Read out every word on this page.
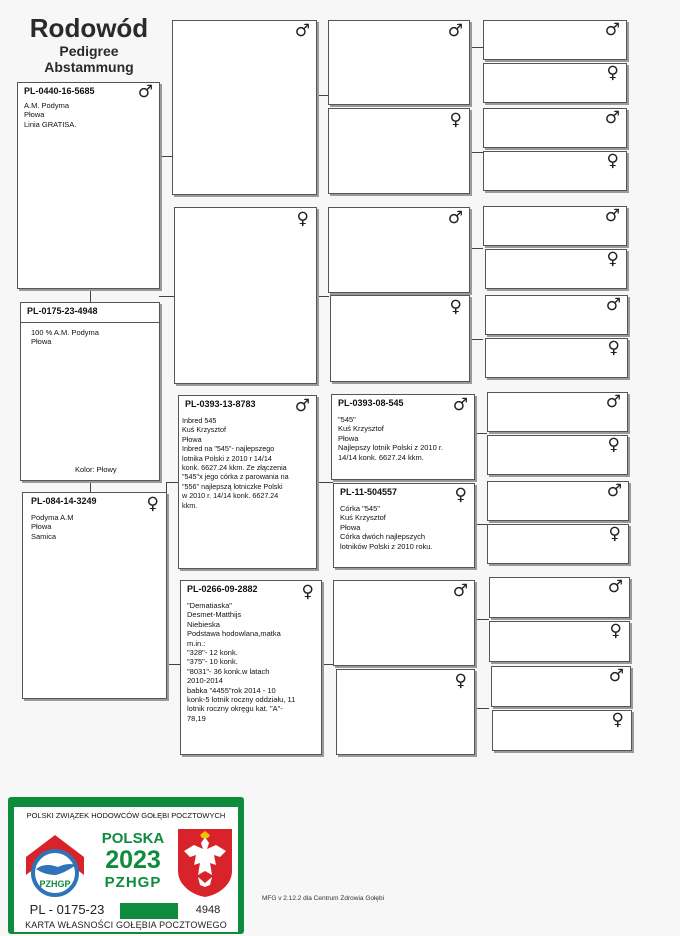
Rodowód
Pedigree
Abstammung
PL-0440-16-5685	♂
A.M. Podyma
Płowa
Linia GRATISA.
PL-0175-23-4948
100 % A.M. Podyma
Płowa
Kolor: Płowy
PL-084-14-3249	♀
Podyma A.M
Płowa
Samica
♂
♀
PL-0393-13-8783 ♂
Inbred 545
Kuś Krzysztof
Płowa
Inbred na "545"- najlepszego
lotnika Polski z 2010 r 14/14
konk. 6627.24 kkm. Ze złączenia
"545"x jego córka z parowania na
"556" najlepszą lotniczke Polski
w 2010 r. 14/14 konk. 6627.24
kkm.
PL-0266-09-2882	♀
"Dematiaska"
Desmet-Matthijs
Niebieska
Podstawa hodowlana,matka
m.in.:
"328"- 12 konk.
"375"- 10 konk.
"8031"- 36 konk.w latach
2010-2014
babka "4455"rok 2014 - 10
konk-5 lotnik roczny oddziału, 11
lotnik roczny okręgu kat. "A"-
78,19
♂
♀
♂
♀
PL-0393-08-545	♂
"545"
Kuś Krzysztof
Płowa
Najlepszy lotnik Polski z 2010 r.
14/14 konk. 6627.24 kkm.
PL-11-504557	♀
Córka "545"
Kuś Krzysztof
Płowa
Córka dwóch najlepszych
lotników Polski z 2010 roku.
♂
♀
♂
♀
♂
♀
♂
♀
♂
♀
♂
♀
♂
♀
♂
♀
♂
♀
MFG v 2.12.2 dla Centrum Zdrowia Gołębi
POLSKI ZWIĄZEK HODOWCÓW GOŁĘBI POCZTOWYCH
PZHGP
POLSKA
2023
PZHGP
PL - 0175-23	4948
KARTA WŁASNOŚCI GOŁĘBIA POCZTOWEGO
